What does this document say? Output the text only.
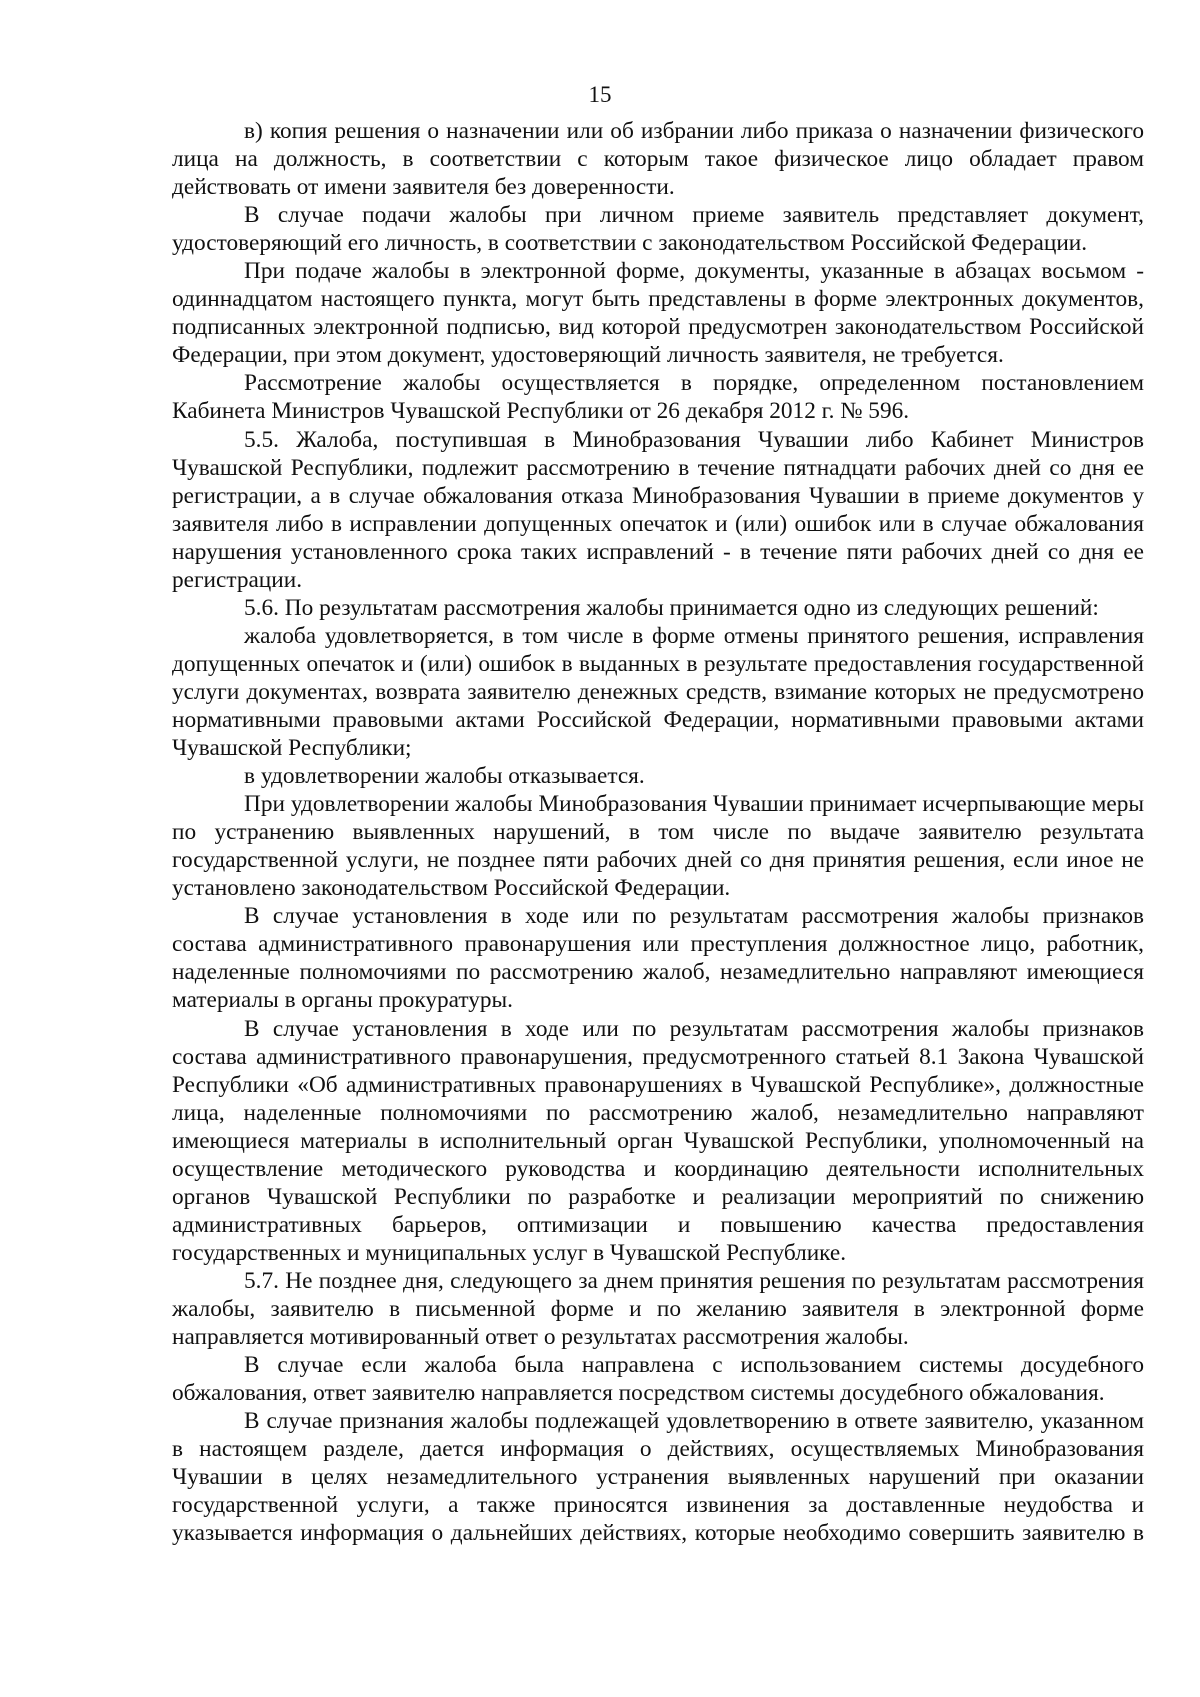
15

в) копия решения о назначении или об избрании либо приказа о назначении физического лица на должность, в соответствии с которым такое физическое лицо обладает правом действовать от имени заявителя без доверенности.

В случае подачи жалобы при личном приеме заявитель представляет документ, удостоверяющий его личность, в соответствии с законодательством Российской Федерации.

При подаче жалобы в электронной форме, документы, указанные в абзацах восьмом - одиннадцатом настоящего пункта, могут быть представлены в форме электронных документов, подписанных электронной подписью, вид которой предусмотрен законодательством Российской Федерации, при этом документ, удостоверяющий личность заявителя, не требуется.

Рассмотрение жалобы осуществляется в порядке, определенном постановлением Кабинета Министров Чувашской Республики от 26 декабря 2012 г. № 596.

5.5. Жалоба, поступившая в Минобразования Чувашии либо Кабинет Министров Чувашской Республики, подлежит рассмотрению в течение пятнадцати рабочих дней со дня ее регистрации, а в случае обжалования отказа Минобразования Чувашии в приеме документов у заявителя либо в исправлении допущенных опечаток и (или) ошибок или в случае обжалования нарушения установленного срока таких исправлений - в течение пяти рабочих дней со дня ее регистрации.

5.6. По результатам рассмотрения жалобы принимается одно из следующих решений:

жалоба удовлетворяется, в том числе в форме отмены принятого решения, исправления допущенных опечаток и (или) ошибок в выданных в результате предоставления государственной услуги документах, возврата заявителю денежных средств, взимание которых не предусмотрено нормативными правовыми актами Российской Федерации, нормативными правовыми актами Чувашской Республики;

в удовлетворении жалобы отказывается.

При удовлетворении жалобы Минобразования Чувашии принимает исчерпывающие меры по устранению выявленных нарушений, в том числе по выдаче заявителю результата государственной услуги, не позднее пяти рабочих дней со дня принятия решения, если иное не установлено законодательством Российской Федерации.

В случае установления в ходе или по результатам рассмотрения жалобы признаков состава административного правонарушения или преступления должностное лицо, работник, наделенные полномочиями по рассмотрению жалоб, незамедлительно направляют имеющиеся материалы в органы прокуратуры.

В случае установления в ходе или по результатам рассмотрения жалобы признаков состава административного правонарушения, предусмотренного статьей 8.1 Закона Чувашской Республики «Об административных правонарушениях в Чувашской Республике», должностные лица, наделенные полномочиями по рассмотрению жалоб, незамедлительно направляют имеющиеся материалы в исполнительный орган Чувашской Республики, уполномоченный на осуществление методического руководства и координацию деятельности исполнительных органов Чувашской Республики по разработке и реализации мероприятий по снижению административных барьеров, оптимизации и повышению качества предоставления государственных и муниципальных услуг в Чувашской Республике.

5.7. Не позднее дня, следующего за днем принятия решения по результатам рассмотрения жалобы, заявителю в письменной форме и по желанию заявителя в электронной форме направляется мотивированный ответ о результатах рассмотрения жалобы.

В случае если жалоба была направлена с использованием системы досудебного обжалования, ответ заявителю направляется посредством системы досудебного обжалования.

В случае признания жалобы подлежащей удовлетворению в ответе заявителю, указанном в настоящем разделе, дается информация о действиях, осуществляемых Минобразования Чувашии в целях незамедлительного устранения выявленных нарушений при оказании государственной услуги, а также приносятся извинения за доставленные неудобства и указывается информация о дальнейших действиях, которые необходимо совершить заявителю в
